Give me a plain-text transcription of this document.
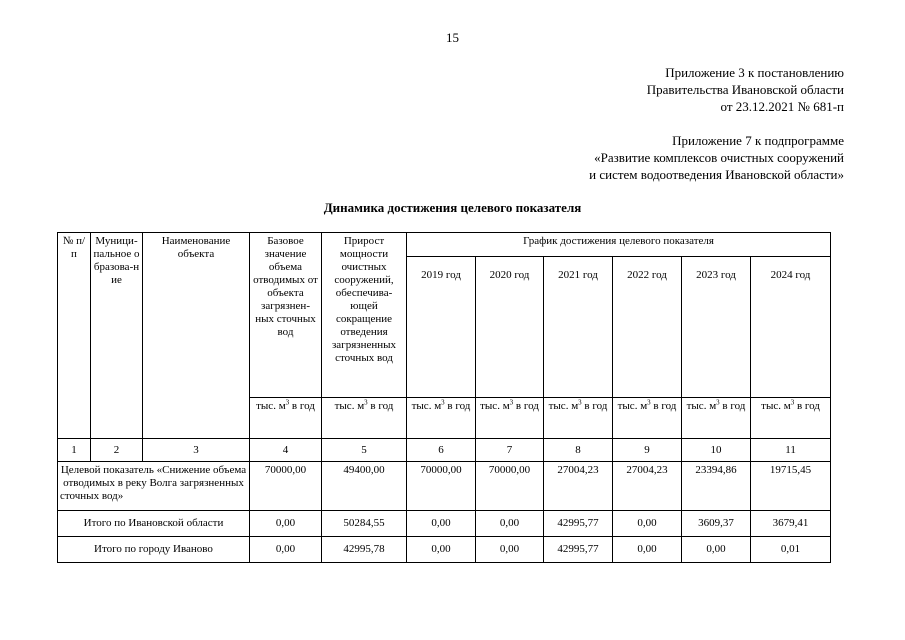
15
Приложение 3 к постановлению
Правительства Ивановской области
от 23.12.2021 № 681-п
Приложение 7 к подпрограмме
«Развитие комплексов очистных сооружений
и систем водоотведения Ивановской области»
Динамика достижения целевого показателя
№ п/п	Муници-пальное образова-ние	Наименование объекта	Базовое значение объема отводимых от объекта загрязнен-ных сточных вод	Прирост мощности очистных сооружений, обеспечива-ющей сокращение отведения загрязненных сточных вод	График достижения целевого показателя					
					2019 год	2020 год	2021 год	2022 год	2023 год	2024 год
			тыс. $м^3$ в год	тыс. $м^3$ в год	тыс. $м^3$ в год	тыс. $м^3$ в год	тыс. $м^3$ в год	тыс. $м^3$ в год	тыс. $м^3$ в год	тыс. $м^3$ в год
1	2	3	4	5	6	7	8	9	10	11
Целевой показатель «Снижение объема отводимых в реку Волга загрязненных сточных вод»			70000,00	49400,00	70000,00	70000,00	27004,23	27004,23	23394,86	19715,45
Итого по Ивановской области			0,00	50284,55	0,00	0,00	42995,77	0,00	3609,37	3679,41
Итого по городу Иваново			0,00	42995,78	0,00	0,00	42995,77	0,00	0,00	0,01
